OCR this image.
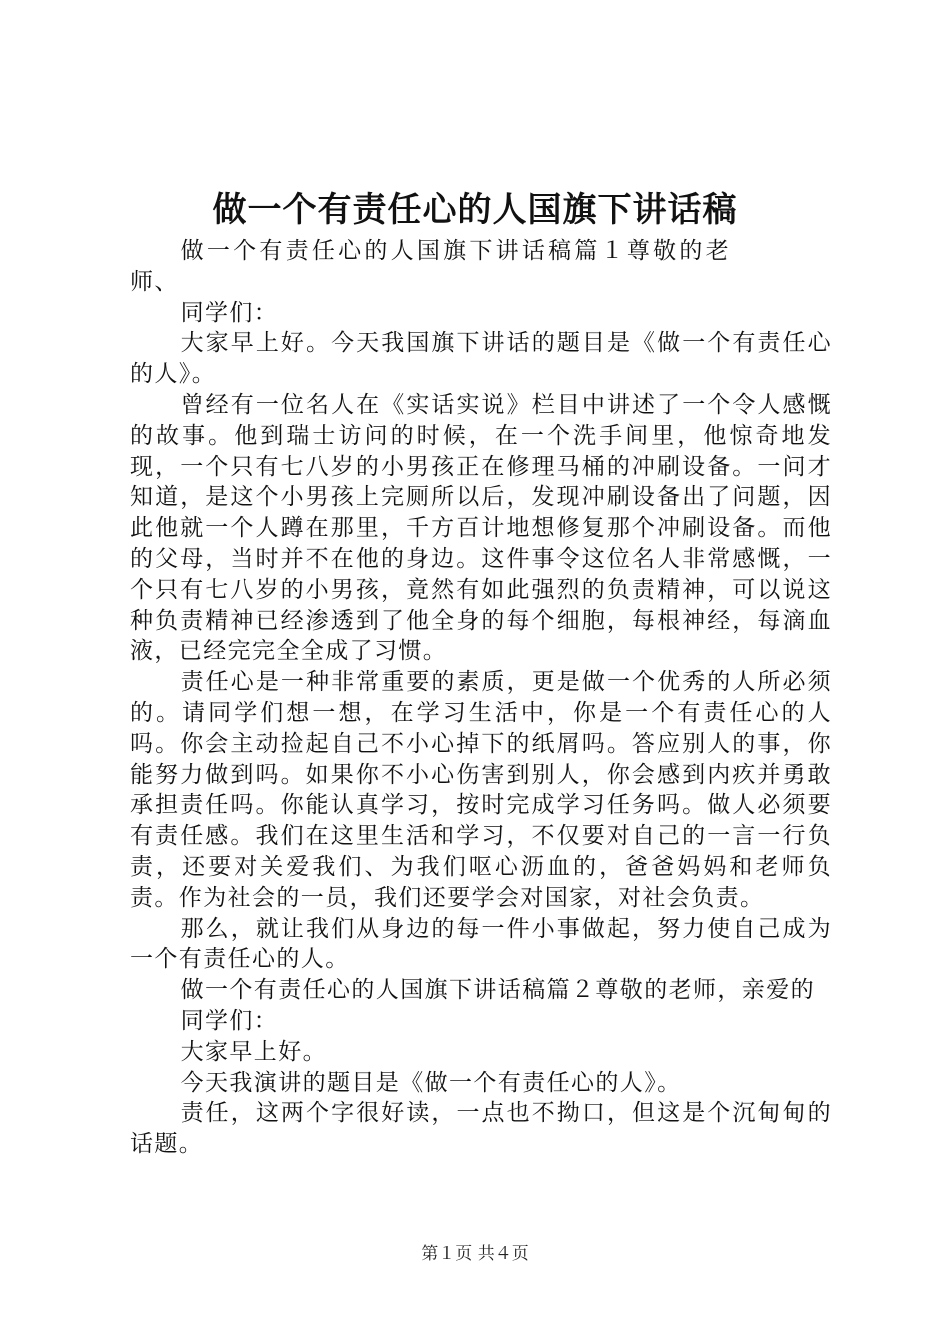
做一个有责任心的人国旗下讲话稿

做一个有责任心的人国旗下讲话稿篇１尊敬的老师、

同学们：

大家早上好。今天我国旗下讲话的题目是《做一个有责任心的人》。

曾经有一位名人在《实话实说》栏目中讲述了一个令人感慨的故事。他到瑞士访问的时候，在一个洗手间里，他惊奇地发现，一个只有七八岁的小男孩正在修理马桶的冲刷设备。一问才知道，是这个小男孩上完厕所以后，发现冲刷设备出了问题，因此他就一个人蹲在那里，千方百计地想修复那个冲刷设备。而他的父母，当时并不在他的身边。这件事令这位名人非常感慨，一个只有七八岁的小男孩，竟然有如此强烈的负责精神，可以说这种负责精神已经渗透到了他全身的每个细胞，每根神经，每滴血液，已经完完全全成了习惯。

责任心是一种非常重要的素质，更是做一个优秀的人所必须的。请同学们想一想，在学习生活中，你是一个有责任心的人吗。你会主动捡起自己不小心掉下的纸屑吗。答应别人的事，你能努力做到吗。如果你不小心伤害到别人，你会感到内疚并勇敢承担责任吗。你能认真学习，按时完成学习任务吗。做人必须要有责任感。我们在这里生活和学习，不仅要对自己的一言一行负责，还要对关爱我们、为我们呕心沥血的，爸爸妈妈和老师负责。作为社会的一员，我们还要学会对国家，对社会负责。

那么，就让我们从身边的每一件小事做起，努力使自己成为一个有责任心的人。

做一个有责任心的人国旗下讲话稿篇２尊敬的老师，亲爱的

同学们：

大家早上好。

今天我演讲的题目是《做一个有责任心的人》。

责任，这两个字很好读，一点也不拗口，但这是个沉甸甸的话题。

第１页 共４页
